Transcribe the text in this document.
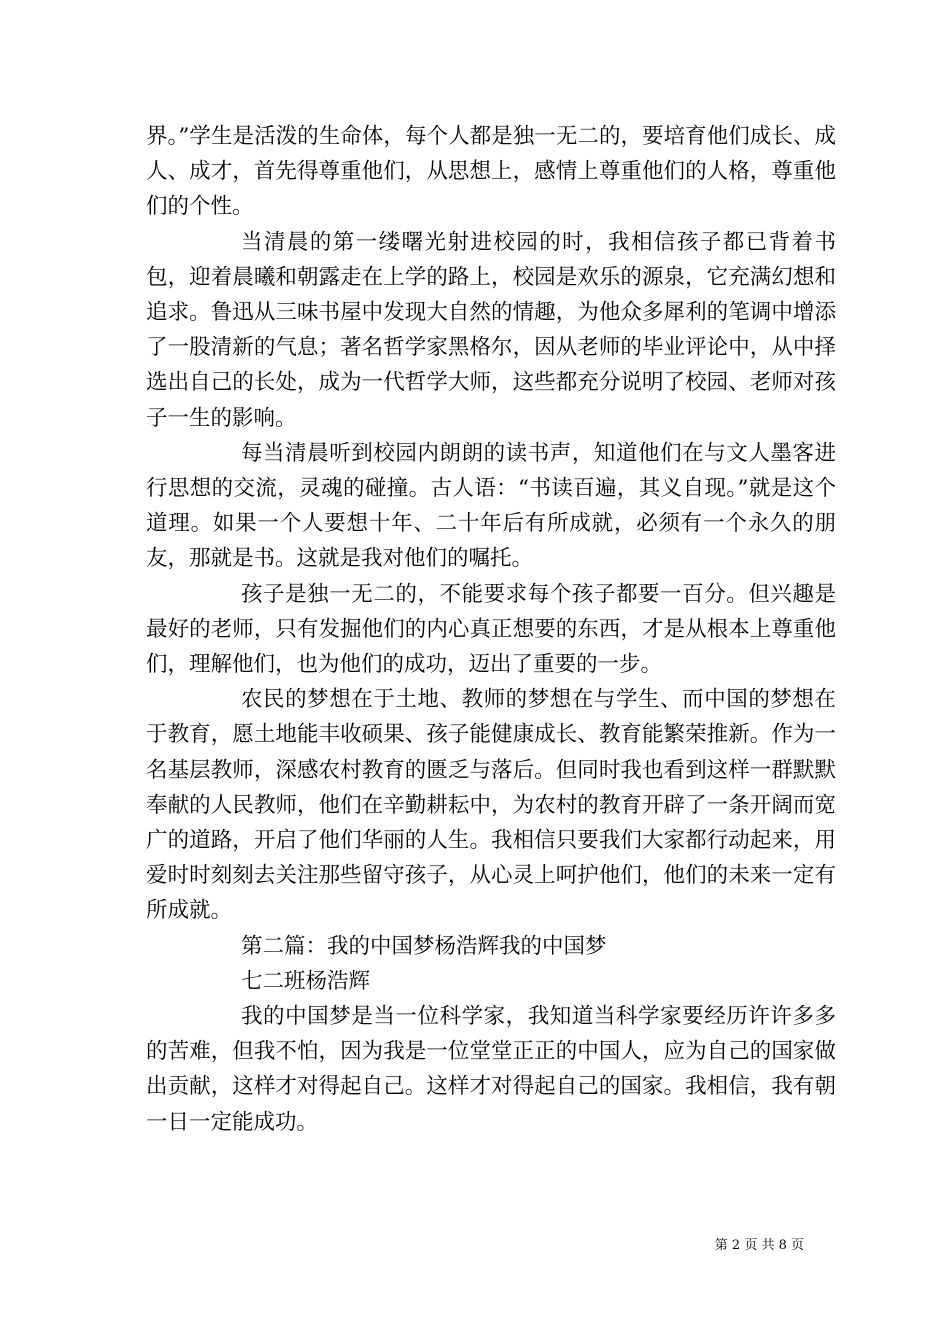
界。”学生是活泼的生命体，每个人都是独一无二的，要培育他们成长、成人、成才，首先得尊重他们，从思想上，感情上尊重他们的人格，尊重他们的个性。

当清晨的第一缕曙光射进校园的时，我相信孩子都已背着书包，迎着晨曦和朝露走在上学的路上，校园是欢乐的源泉，它充满幻想和追求。鲁迅从三味书屋中发现大自然的情趣，为他众多犀利的笔调中增添了一股清新的气息；著名哲学家黑格尔，因从老师的毕业评论中，从中择选出自己的长处，成为一代哲学大师，这些都充分说明了校园、老师对孩子一生的影响。

每当清晨听到校园内朗朗的读书声，知道他们在与文人墨客进行思想的交流，灵魂的碰撞。古人语：“书读百遍，其义自现。”就是这个道理。如果一个人要想十年、二十年后有所成就，必须有一个永久的朋友，那就是书。这就是我对他们的嘱托。

孩子是独一无二的，不能要求每个孩子都要一百分。但兴趣是最好的老师，只有发掘他们的内心真正想要的东西，才是从根本上尊重他们，理解他们，也为他们的成功，迈出了重要的一步。

农民的梦想在于土地、教师的梦想在与学生、而中国的梦想在于教育，愿土地能丰收硕果、孩子能健康成长、教育能繁荣推新。作为一名基层教师，深感农村教育的匮乏与落后。但同时我也看到这样一群默默奉献的人民教师，他们在辛勤耕耘中，为农村的教育开辟了一条开阔而宽广的道路，开启了他们华丽的人生。我相信只要我们大家都行动起来，用爱时时刻刻去关注那些留守孩子，从心灵上呵护他们，他们的未来一定有所成就。

第二篇：我的中国梦杨浩辉我的中国梦

七二班杨浩辉

我的中国梦是当一位科学家，我知道当科学家要经历许许多多的苦难，但我不怕，因为我是一位堂堂正正的中国人，应为自己的国家做出贡献，这样才对得起自己。这样才对得起自己的国家。我相信，我有朝一日一定能成功。

第 2 页 共 8 页
